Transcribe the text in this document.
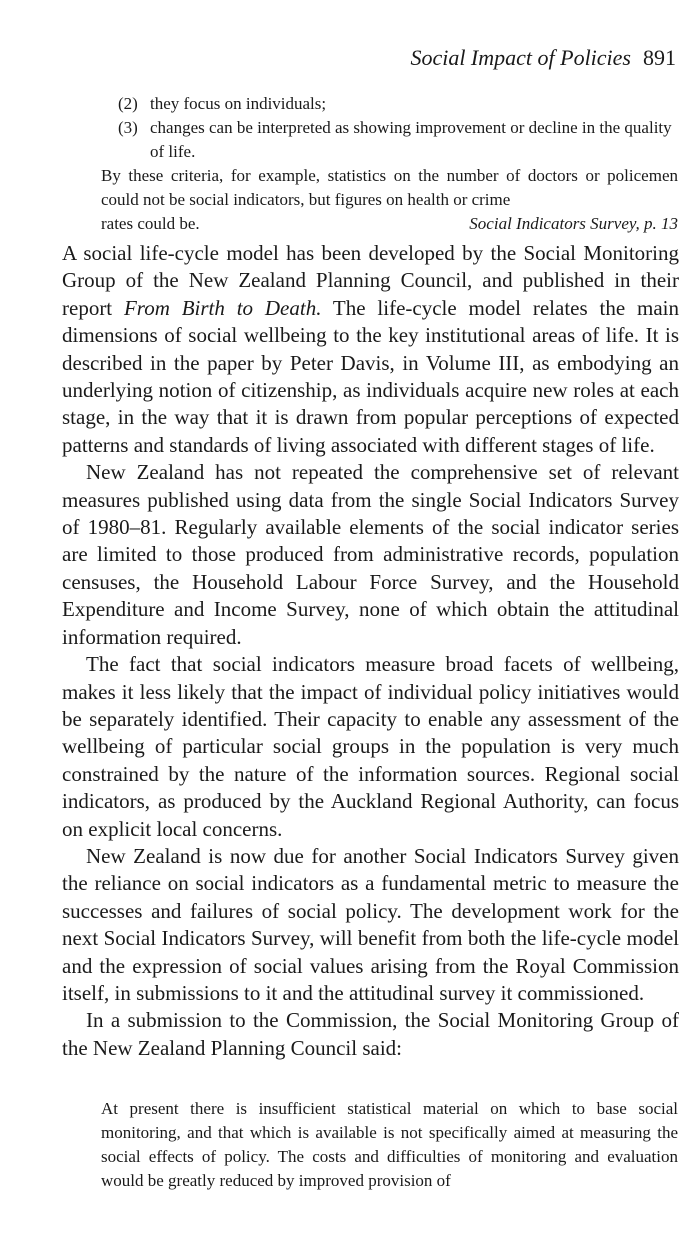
Social Impact of Policies 891
(2) they focus on individuals;
(3) changes can be interpreted as showing improvement or decline in the quality of life.
By these criteria, for example, statistics on the number of doctors or policemen could not be social indicators, but figures on health or crime
rates could be.	Social Indicators Survey, p. 13

A social life-cycle model has been developed by the Social Monitoring Group of the New Zealand Planning Council, and published in their report From Birth to Death. The life-cycle model relates the main dimensions of social wellbeing to the key institutional areas of life. It is described in the paper by Peter Davis, in Volume III, as embodying an underlying notion of citizenship, as individuals acquire new roles at each stage, in the way that it is drawn from popular perceptions of expected patterns and standards of living associated with different stages of life.

New Zealand has not repeated the comprehensive set of relevant measures published using data from the single Social Indicators Survey of 1980–81. Regularly available elements of the social indicator series are limited to those produced from administrative records, population censuses, the Household Labour Force Survey, and the Household Expenditure and Income Survey, none of which obtain the attitudinal information required.

The fact that social indicators measure broad facets of wellbeing, makes it less likely that the impact of individual policy initiatives would be separately identified. Their capacity to enable any assessment of the wellbeing of particular social groups in the population is very much constrained by the nature of the information sources. Regional social indicators, as produced by the Auckland Regional Authority, can focus on explicit local concerns.

New Zealand is now due for another Social Indicators Survey given the reliance on social indicators as a fundamental metric to measure the successes and failures of social policy. The development work for the next Social Indicators Survey, will benefit from both the life-cycle model and the expression of social values arising from the Royal Commission itself, in submissions to it and the attitudinal survey it commissioned.

In a submission to the Commission, the Social Monitoring Group of the New Zealand Planning Council said:

At present there is insufficient statistical material on which to base social monitoring, and that which is available is not specifically aimed at measuring the social effects of policy. The costs and difficulties of monitoring and evaluation would be greatly reduced by improved provision of
